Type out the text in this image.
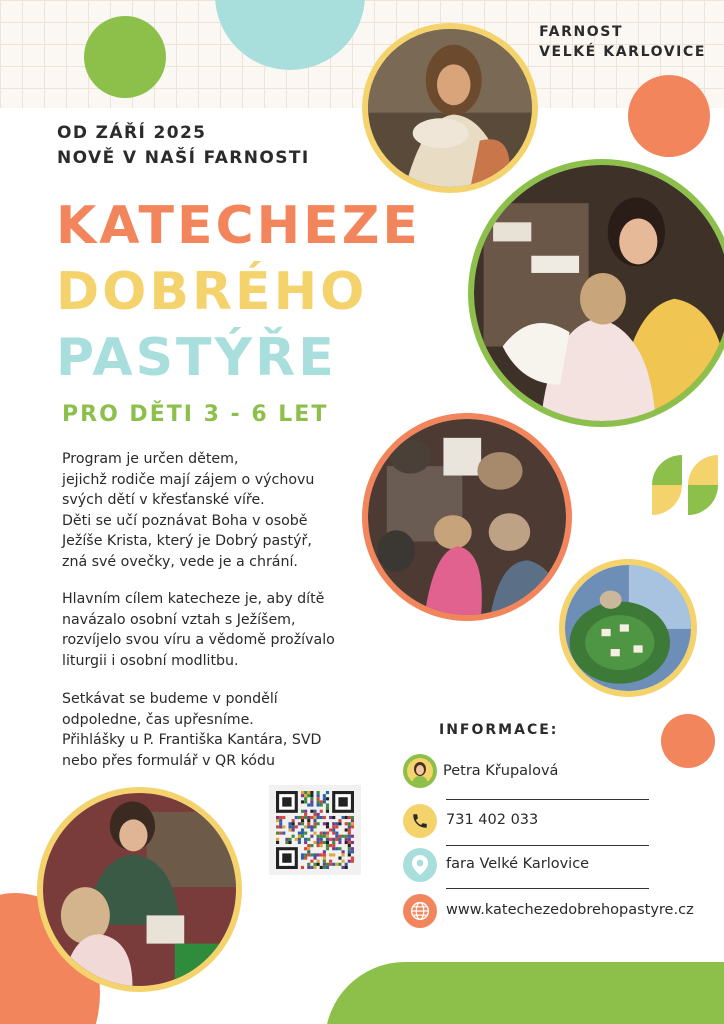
FARNOST
VELKÉ KARLOVICE
OD ZÁŘÍ 2025
NOVĚ V NAŠÍ FARNOSTI
KATECHEZE
DOBRÉHO
PASTÝŘE
PRO DĚTI 3 - 6 LET
Program je určen dětem,
jejichž rodiče mají zájem o výchovu
svých dětí v křesťanské víře.
Děti se učí poznávat Boha v osobě
Ježíše Krista, který je Dobrý pastýř,
zná své ovečky, vede je a chrání.
Hlavním cílem katecheze je, aby dítě
navázalo osobní vztah s Ježíšem,
rozvíjelo svou víru a vědomě prožívalo
liturgii i osobní modlitbu.
Setkávat se budeme v pondělí
odpoledne, čas upřesníme.
Přihlášky u P. Františka Kantára, SVD
nebo přes formulář v QR kódu
INFORMACE:
Petra Křupalová
731 402 033
fara Velké Karlovice
www.katechezedobrehopastyre.cz
